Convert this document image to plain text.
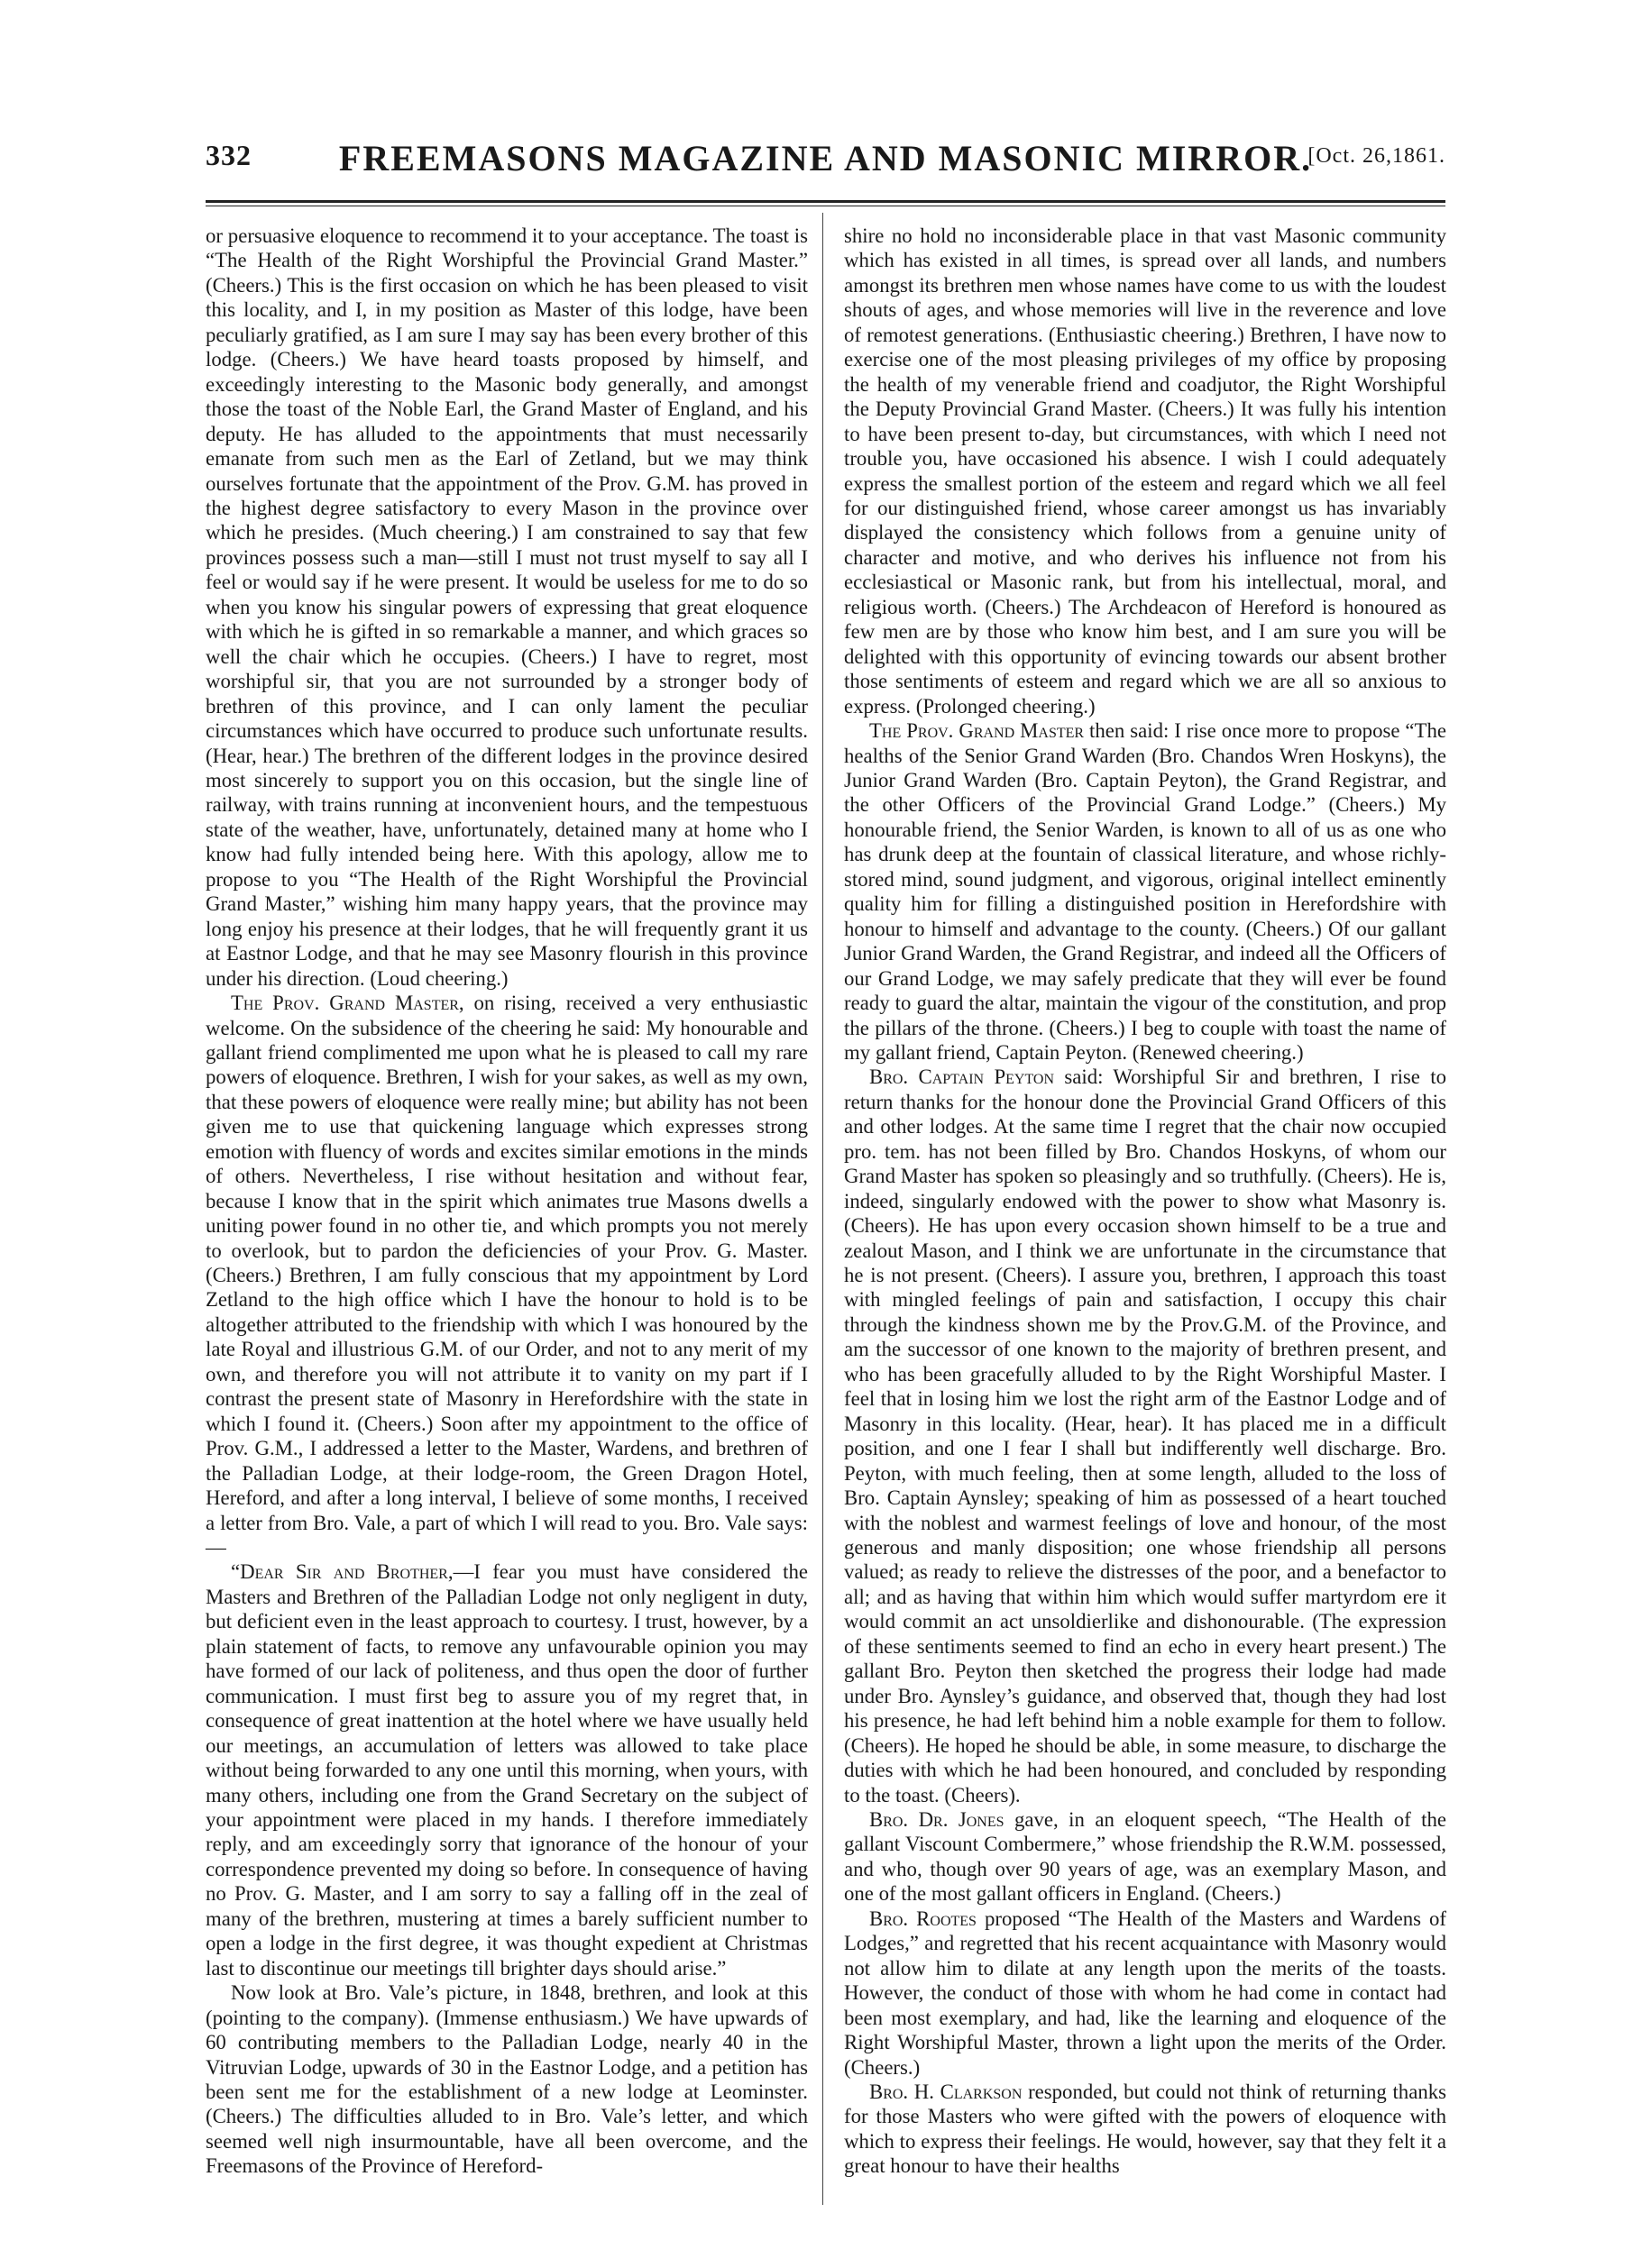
332	FREEMASONS MAGAZINE AND MASONIC MIRROR.
[Oct. 26,1861.

or persuasive eloquence to recommend it to your acceptance. The toast is “The Health of the Right Worshipful the Provincial Grand Master.” (Cheers.) This is the first occasion on which he has been pleased to visit this locality, and I, in my position as Master of this lodge, have been peculiarly gratified, as I am sure I may say has been every brother of this lodge. (Cheers.) We have heard toasts proposed by himself, and exceedingly interesting to the Masonic body generally, and amongst those the toast of the Noble Earl, the Grand Master of England, and his deputy. He has alluded to the appointments that must necessarily emanate from such men as the Earl of Zetland, but we may think ourselves fortunate that the appointment of the Prov. G.M. has proved in the highest degree satisfactory to every Mason in the province over which he presides. (Much cheering.) I am constrained to say that few provinces possess such a man—still I must not trust myself to say all I feel or would say if he were present. It would be useless for me to do so when you know his singular powers of expressing that great eloquence with which he is gifted in so remarkable a manner, and which graces so well the chair which he occupies. (Cheers.) I have to regret, most worshipful sir, that you are not surrounded by a stronger body of brethren of this province, and I can only lament the peculiar circumstances which have occurred to produce such unfortunate results. (Hear, hear.) The brethren of the different lodges in the province desired most sincerely to support you on this occasion, but the single line of railway, with trains running at inconvenient hours, and the tempestuous state of the weather, have, unfortunately, detained many at home who I know had fully intended being here. With this apology, allow me to propose to you “The Health of the Right Worshipful the Provincial Grand Master,” wishing him many happy years, that the province may long enjoy his presence at their lodges, that he will frequently grant it us at Eastnor Lodge, and that he may see Masonry flourish in this province under his direction. (Loud cheering.)

The Prov. Grand Master, on rising, received a very enthusiastic welcome. On the subsidence of the cheering he said: My honourable and gallant friend complimented me upon what he is pleased to call my rare powers of eloquence. Brethren, I wish for your sakes, as well as my own, that these powers of eloquence were really mine; but ability has not been given me to use that quickening language which expresses strong emotion with fluency of words and excites similar emotions in the minds of others. Nevertheless, I rise without hesitation and without fear, because I know that in the spirit which animates true Masons dwells a uniting power found in no other tie, and which prompts you not merely to overlook, but to pardon the deficiencies of your Prov. G. Master. (Cheers.) Brethren, I am fully conscious that my appointment by Lord Zetland to the high office which I have the honour to hold is to be altogether attributed to the friendship with which I was honoured by the late Royal and illustrious G.M. of our Order, and not to any merit of my own, and therefore you will not attribute it to vanity on my part if I contrast the present state of Masonry in Herefordshire with the state in which I found it. (Cheers.) Soon after my appointment to the office of Prov. G.M., I addressed a letter to the Master, Wardens, and brethren of the Palladian Lodge, at their lodge-room, the Green Dragon Hotel, Hereford, and after a long interval, I believe of some months, I received a letter from Bro. Vale, a part of which I will read to you. Bro. Vale says:—

“Dear Sir and Brother,—I fear you must have considered the Masters and Brethren of the Palladian Lodge not only negligent in duty, but deficient even in the least approach to courtesy. I trust, however, by a plain statement of facts, to remove any unfavourable opinion you may have formed of our lack of politeness, and thus open the door of further communication. I must first beg to assure you of my regret that, in consequence of great inattention at the hotel where we have usually held our meetings, an accumulation of letters was allowed to take place without being forwarded to any one until this morning, when yours, with many others, including one from the Grand Secretary on the subject of your appointment were placed in my hands. I therefore immediately reply, and am exceedingly sorry that ignorance of the honour of your correspondence prevented my doing so before. In consequence of having no Prov. G. Master, and I am sorry to say a falling off in the zeal of many of the brethren, mustering at times a barely sufficient number to open a lodge in the first degree, it was thought expedient at Christmas last to discontinue our meetings till brighter days should arise.”

Now look at Bro. Vale’s picture, in 1848, brethren, and look at this (pointing to the company). (Immense enthusiasm.) We have upwards of 60 contributing members to the Palladian Lodge, nearly 40 in the Vitruvian Lodge, upwards of 30 in the Eastnor Lodge, and a petition has been sent me for the establishment of a new lodge at Leominster. (Cheers.) The difficulties alluded to in Bro. Vale’s letter, and which seemed well nigh insurmountable, have all been overcome, and the Freemasons of the Province of Hereford-

shire no hold no inconsiderable place in that vast Masonic community which has existed in all times, is spread over all lands, and numbers amongst its brethren men whose names have come to us with the loudest shouts of ages, and whose memories will live in the reverence and love of remotest generations. (Enthusiastic cheering.) Brethren, I have now to exercise one of the most pleasing privileges of my office by proposing the health of my venerable friend and coadjutor, the Right Worshipful the Deputy Provincial Grand Master. (Cheers.) It was fully his intention to have been present to-day, but circumstances, with which I need not trouble you, have occasioned his absence. I wish I could adequately express the smallest portion of the esteem and regard which we all feel for our distinguished friend, whose career amongst us has invariably displayed the consistency which follows from a genuine unity of character and motive, and who derives his influence not from his ecclesiastical or Masonic rank, but from his intellectual, moral, and religious worth. (Cheers.) The Archdeacon of Hereford is honoured as few men are by those who know him best, and I am sure you will be delighted with this opportunity of evincing towards our absent brother those sentiments of esteem and regard which we are all so anxious to express. (Prolonged cheering.)

The Prov. Grand Master then said: I rise once more to propose “The healths of the Senior Grand Warden (Bro. Chandos Wren Hoskyns), the Junior Grand Warden (Bro. Captain Peyton), the Grand Registrar, and the other Officers of the Provincial Grand Lodge.” (Cheers.) My honourable friend, the Senior Warden, is known to all of us as one who has drunk deep at the fountain of classical literature, and whose richly-stored mind, sound judgment, and vigorous, original intellect eminently quality him for filling a distinguished position in Herefordshire with honour to himself and advantage to the county. (Cheers.) Of our gallant Junior Grand Warden, the Grand Registrar, and indeed all the Officers of our Grand Lodge, we may safely predicate that they will ever be found ready to guard the altar, maintain the vigour of the constitution, and prop the pillars of the throne. (Cheers.) I beg to couple with toast the name of my gallant friend, Captain Peyton. (Renewed cheering.)

Bro. Captain Peyton said: Worshipful Sir and brethren, I rise to return thanks for the honour done the Provincial Grand Officers of this and other lodges. At the same time I regret that the chair now occupied pro. tem. has not been filled by Bro. Chandos Hoskyns, of whom our Grand Master has spoken so pleasingly and so truthfully. (Cheers). He is, indeed, singularly endowed with the power to show what Masonry is. (Cheers). He has upon every occasion shown himself to be a true and zealout Mason, and I think we are unfortunate in the circumstance that he is not present. (Cheers). I assure you, brethren, I approach this toast with mingled feelings of pain and satisfaction, I occupy this chair through the kindness shown me by the Prov.G.M. of the Province, and am the successor of one known to the majority of brethren present, and who has been gracefully alluded to by the Right Worshipful Master. I feel that in losing him we lost the right arm of the Eastnor Lodge and of Masonry in this locality. (Hear, hear). It has placed me in a difficult position, and one I fear I shall but indifferently well discharge. Bro. Peyton, with much feeling, then at some length, alluded to the loss of Bro. Captain Aynsley; speaking of him as possessed of a heart touched with the noblest and warmest feelings of love and honour, of the most generous and manly disposition; one whose friendship all persons valued; as ready to relieve the distresses of the poor, and a benefactor to all; and as having that within him which would suffer martyrdom ere it would commit an act unsoldierlike and dishonourable. (The expression of these sentiments seemed to find an echo in every heart present.) The gallant Bro. Peyton then sketched the progress their lodge had made under Bro. Aynsley’s guidance, and observed that, though they had lost his presence, he had left behind him a noble example for them to follow. (Cheers). He hoped he should be able, in some measure, to discharge the duties with which he had been honoured, and concluded by responding to the toast. (Cheers).

Bro. Dr. Jones gave, in an eloquent speech, “The Health of the gallant Viscount Combermere,” whose friendship the R.W.M. possessed, and who, though over 90 years of age, was an exemplary Mason, and one of the most gallant officers in England. (Cheers.)

Bro. Rootes proposed “The Health of the Masters and Wardens of Lodges,” and regretted that his recent acquaintance with Masonry would not allow him to dilate at any length upon the merits of the toasts. However, the conduct of those with whom he had come in contact had been most exemplary, and had, like the learning and eloquence of the Right Worshipful Master, thrown a light upon the merits of the Order. (Cheers.)

Bro. H. Clarkson responded, but could not think of returning thanks for those Masters who were gifted with the powers of eloquence with which to express their feelings. He would, however, say that they felt it a great honour to have their healths
